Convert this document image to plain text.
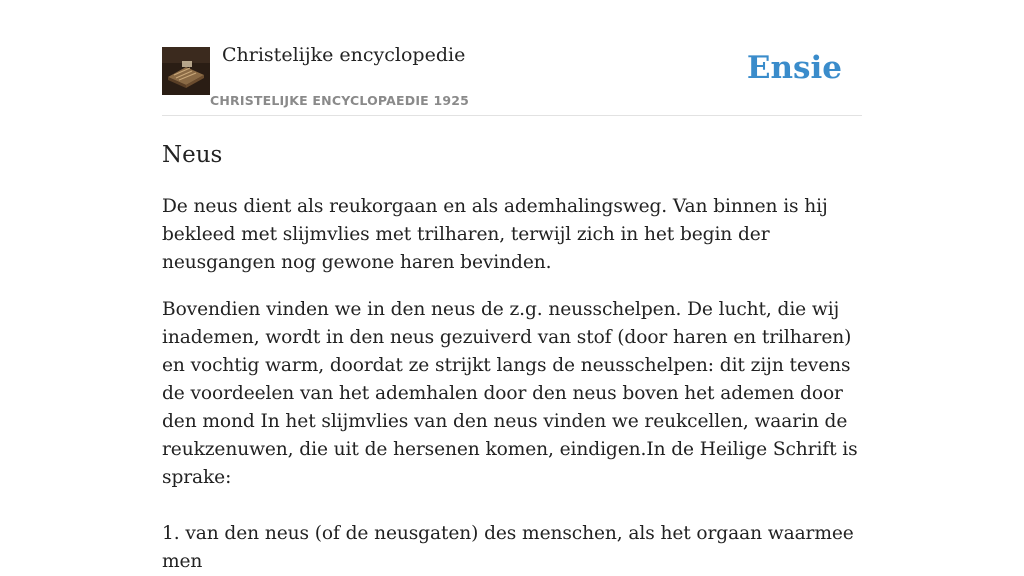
Christelijke encyclopedie
CHRISTELIJKE ENCYCLOPAEDIE 1925
Ensie
Neus

De neus dient als reukorgaan en als ademhalingsweg. Van binnen is hij bekleed met slijmvlies met trilharen, terwijl zich in het begin der neusgangen nog gewone haren bevinden.

Bovendien vinden we in den neus de z.g. neusschelpen. De lucht, die wij inademen, wordt in den neus gezuiverd van stof (door haren en trilharen) en vochtig warm, doordat ze strijkt langs de neusschelpen: dit zijn tevens de voordeelen van het ademhalen door den neus boven het ademen door den mond In het slijmvlies van den neus vinden we reukcellen, waarin de reukzenuwen, die uit de hersenen komen, eindigen.In de Heilige Schrift is sprake:

1. van den neus (of de neusgaten) des menschen, als het orgaan waarmee men
